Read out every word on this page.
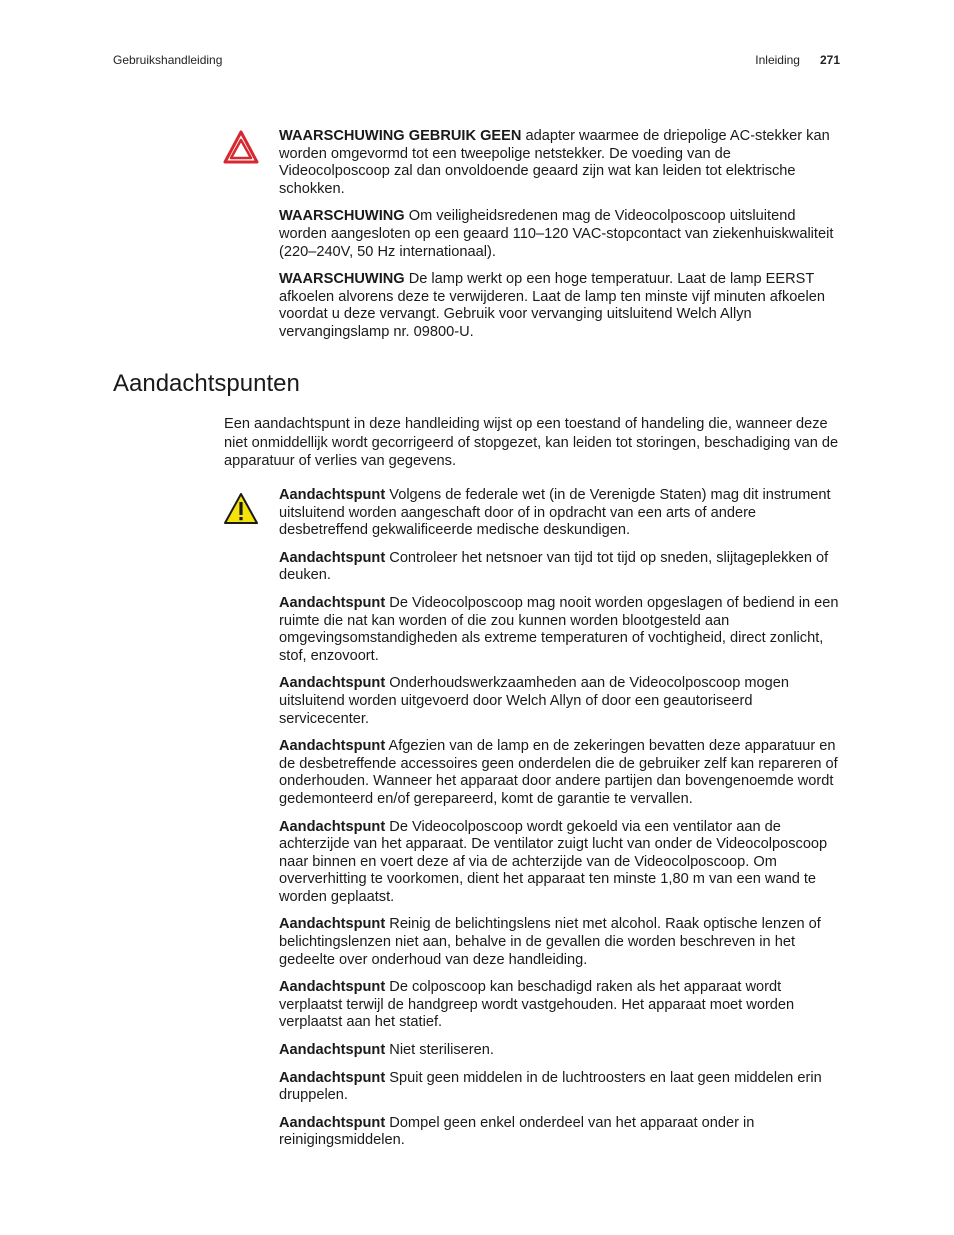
Gebruikshandleiding	Inleiding 271

WAARSCHUWING GEBRUIK GEEN adapter waarmee de driepolige AC-stekker kan worden omgevormd tot een tweepolige netstekker. De voeding van de Videocolposcoop zal dan onvoldoende geaard zijn wat kan leiden tot elektrische schokken.

WAARSCHUWING Om veiligheidsredenen mag de Videocolposcoop uitsluitend worden aangesloten op een geaard 110–120 VAC-stopcontact van ziekenhuiskwaliteit (220–240V, 50 Hz internationaal).

WAARSCHUWING De lamp werkt op een hoge temperatuur. Laat de lamp EERST afkoelen alvorens deze te verwijderen. Laat de lamp ten minste vijf minuten afkoelen voordat u deze vervangt. Gebruik voor vervanging uitsluitend Welch Allyn vervangingslamp nr. 09800-U.

Aandachtspunten

Een aandachtspunt in deze handleiding wijst op een toestand of handeling die, wanneer deze niet onmiddellijk wordt gecorrigeerd of stopgezet, kan leiden tot storingen, beschadiging van de apparatuur of verlies van gegevens.

Aandachtspunt Volgens de federale wet (in de Verenigde Staten) mag dit instrument uitsluitend worden aangeschaft door of in opdracht van een arts of andere desbetreffend gekwalificeerde medische deskundigen.

Aandachtspunt Controleer het netsnoer van tijd tot tijd op sneden, slijtageplekken of deuken.

Aandachtspunt De Videocolposcoop mag nooit worden opgeslagen of bediend in een ruimte die nat kan worden of die zou kunnen worden blootgesteld aan omgevingsomstandigheden als extreme temperaturen of vochtigheid, direct zonlicht, stof, enzovoort.

Aandachtspunt Onderhoudswerkzaamheden aan de Videocolposcoop mogen uitsluitend worden uitgevoerd door Welch Allyn of door een geautoriseerd servicecenter.

Aandachtspunt Afgezien van de lamp en de zekeringen bevatten deze apparatuur en de desbetreffende accessoires geen onderdelen die de gebruiker zelf kan repareren of onderhouden. Wanneer het apparaat door andere partijen dan bovengenoemde wordt gedemonteerd en/of gerepareerd, komt de garantie te vervallen.

Aandachtspunt De Videocolposcoop wordt gekoeld via een ventilator aan de achterzijde van het apparaat. De ventilator zuigt lucht van onder de Videocolposcoop naar binnen en voert deze af via de achterzijde van de Videocolposcoop. Om oververhitting te voorkomen, dient het apparaat ten minste 1,80 m van een wand te worden geplaatst.

Aandachtspunt Reinig de belichtingslens niet met alcohol. Raak optische lenzen of belichtingslenzen niet aan, behalve in de gevallen die worden beschreven in het gedeelte over onderhoud van deze handleiding.

Aandachtspunt De colposcoop kan beschadigd raken als het apparaat wordt verplaatst terwijl de handgreep wordt vastgehouden. Het apparaat moet worden verplaatst aan het statief.

Aandachtspunt Niet steriliseren.

Aandachtspunt Spuit geen middelen in de luchtroosters en laat geen middelen erin druppelen.

Aandachtspunt Dompel geen enkel onderdeel van het apparaat onder in reinigingsmiddelen.
